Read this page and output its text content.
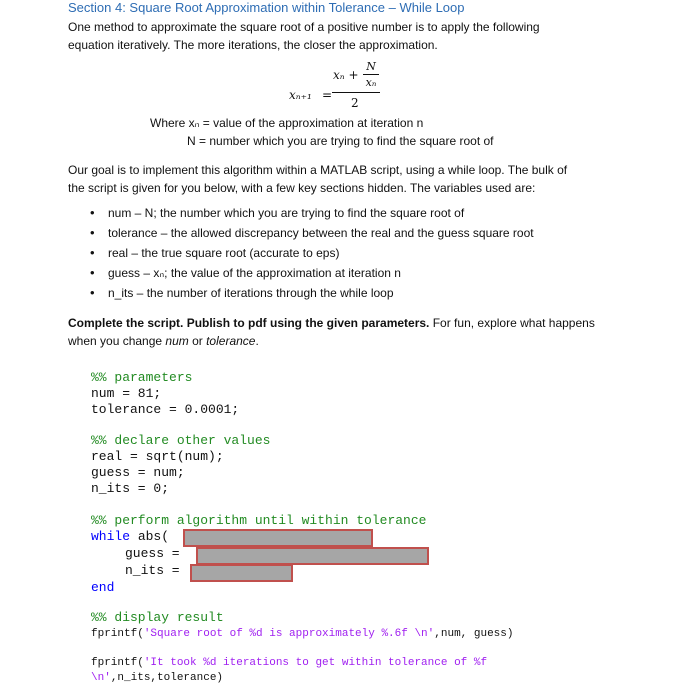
Section 4: Square Root Approximation within Tolerance – While Loop
One method to approximate the square root of a positive number is to apply the following
equation iteratively. The more iterations, the closer the approximation.
xₙ₊₁ =
xₙ +
N
xₙ
2
Where xₙ = value of the approximation at iteration n
N = number which you are trying to find the square root of
Our goal is to implement this algorithm within a MATLAB script, using a while loop. The bulk of
the script is given for you below, with a few key sections hidden. The variables used are:
• num – N; the number which you are trying to find the square root of
• tolerance – the allowed discrepancy between the real and the guess square root
• real – the true square root (accurate to eps)
• guess – xₙ; the value of the approximation at iteration n
• n_its – the number of iterations through the while loop
Complete the script. Publish to pdf using the given parameters. For fun, explore what happens
when you change num or tolerance.
%% parameters
num = 81;
tolerance = 0.0001;
%% declare other values
real = sqrt(num);
guess = num;
n_its = 0;
%% perform algorithm until within tolerance
while abs(
guess =
n_its =
end
%% display result
fprintf('Square root of %d is approximately %.6f \n',num, guess)
fprintf('It took %d iterations to get within tolerance of %f
\n',n_its,tolerance)
